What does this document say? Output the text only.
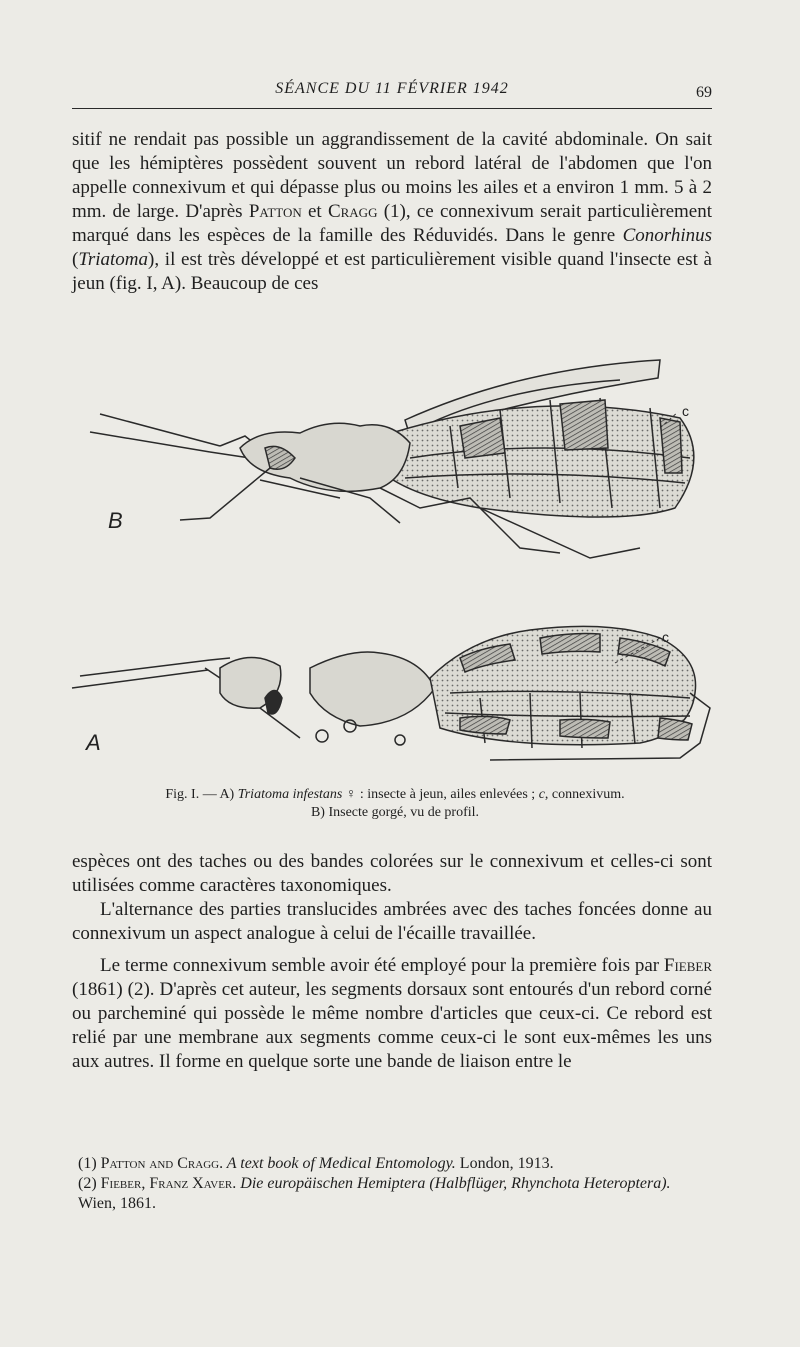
SÉANCE DU 11 FÉVRIER 1942	69

sitif ne rendait pas possible un aggrandissement de la cavité abdominale. On sait que les hémiptères possèdent souvent un rebord latéral de l'abdomen que l'on appelle connexivum et qui dépasse plus ou moins les ailes et a environ 1 mm. 5 à 2 mm. de large. D'après Patton et Cragg (1), ce connexivum serait particulièrement marqué dans les espèces de la famille des Réduvidés. Dans le genre Conorhinus (Triatoma), il est très développé et est particulièrement visible quand l'insecte est à jeun (fig. I, A). Beaucoup de ces

B
c
A
c
Fig. I. — A) Triatoma infestans ♀ : insecte à jeun, ailes enlevées ; c, connexivum.
B) Insecte gorgé, vu de profil.

espèces ont des taches ou des bandes colorées sur le connexivum et celles-ci sont utilisées comme caractères taxonomiques.

L'alternance des parties translucides ambrées avec des taches foncées donne au connexivum un aspect analogue à celui de l'écaille travaillée.

Le terme connexivum semble avoir été employé pour la première fois par Fieber (1861) (2). D'après cet auteur, les segments dorsaux sont entourés d'un rebord corné ou parcheminé qui possède le même nombre d'articles que ceux-ci. Ce rebord est relié par une membrane aux segments comme ceux-ci le sont eux-mêmes les uns aux autres. Il forme en quelque sorte une bande de liaison entre le

(1) Patton and Cragg. A text book of Medical Entomology. London, 1913.

(2) Fieber, Franz Xaver. Die europäischen Hemiptera (Halbflüger, Rhynchota Heteroptera). Wien, 1861.
